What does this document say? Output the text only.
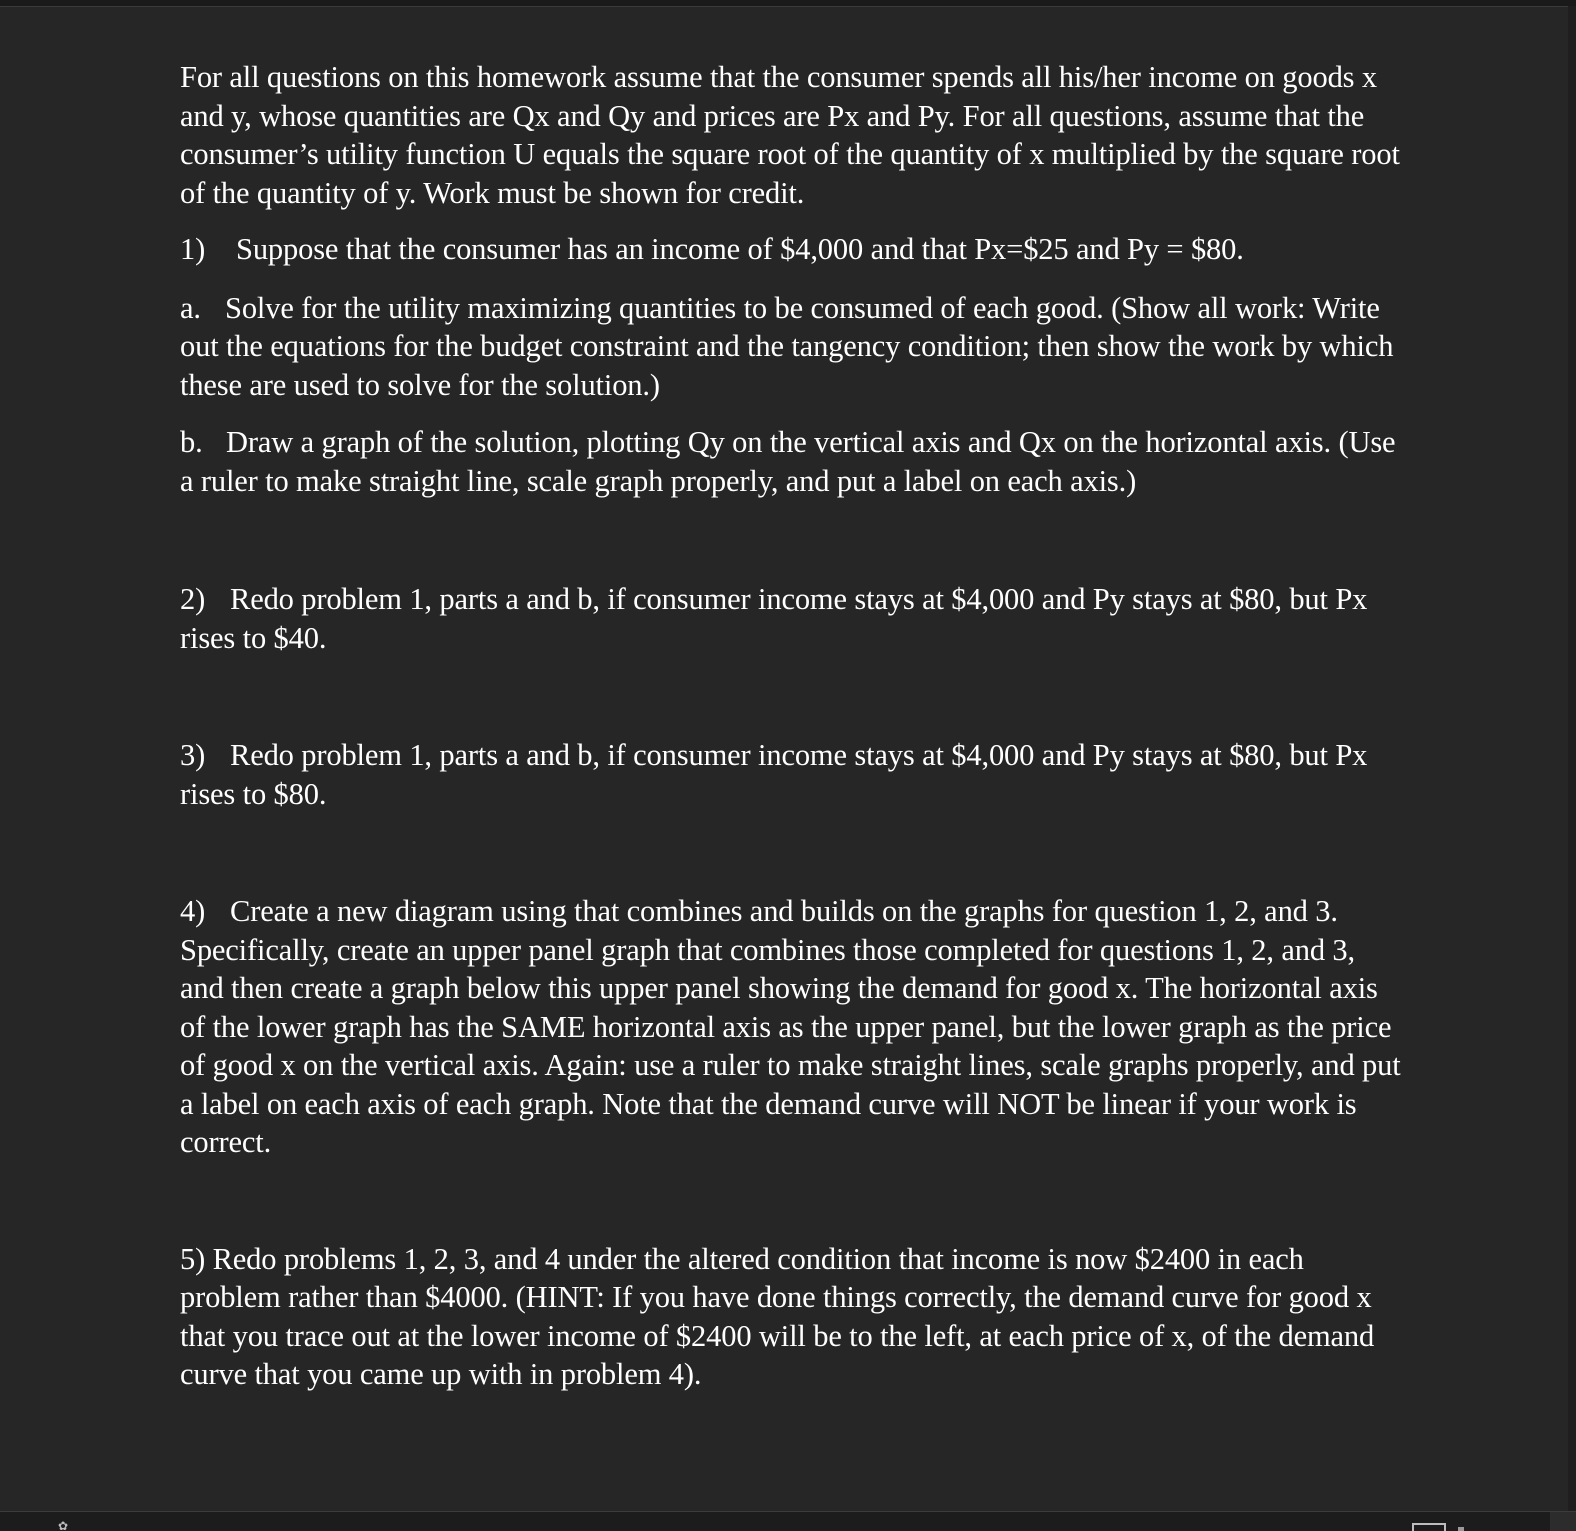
For all questions on this homework assume that the consumer spends all his/her income on goods x and y, whose quantities are Qx and Qy and prices are Px and Py. For all questions, assume that the consumer’s utility function U equals the square root of the quantity of x multiplied by the square root of the quantity of y. Work must be shown for credit.

1) Suppose that the consumer has an income of $4,000 and that Px=$25 and Py = $80.

a. Solve for the utility maximizing quantities to be consumed of each good. (Show all work: Write out the equations for the budget constraint and the tangency condition; then show the work by which these are used to solve for the solution.)

b. Draw a graph of the solution, plotting Qy on the vertical axis and Qx on the horizontal axis. (Use a ruler to make straight line, scale graph properly, and put a label on each axis.)

2) Redo problem 1, parts a and b, if consumer income stays at $4,000 and Py stays at $80, but Px rises to $40.

3) Redo problem 1, parts a and b, if consumer income stays at $4,000 and Py stays at $80, but Px rises to $80.

4) Create a new diagram using that combines and builds on the graphs for question 1, 2, and 3. Specifically, create an upper panel graph that combines those completed for questions 1, 2, and 3, and then create a graph below this upper panel showing the demand for good x. The horizontal axis of the lower graph has the SAME horizontal axis as the upper panel, but the lower graph as the price of good x on the vertical axis. Again: use a ruler to make straight lines, scale graphs properly, and put a label on each axis of each graph. Note that the demand curve will NOT be linear if your work is correct.

5) Redo problems 1, 2, 3, and 4 under the altered condition that income is now $2400 in each problem rather than $4000. (HINT: If you have done things correctly, the demand curve for good x that you trace out at the lower income of $2400 will be to the left, at each price of x, of the demand curve that you came up with in problem 4).

✿
